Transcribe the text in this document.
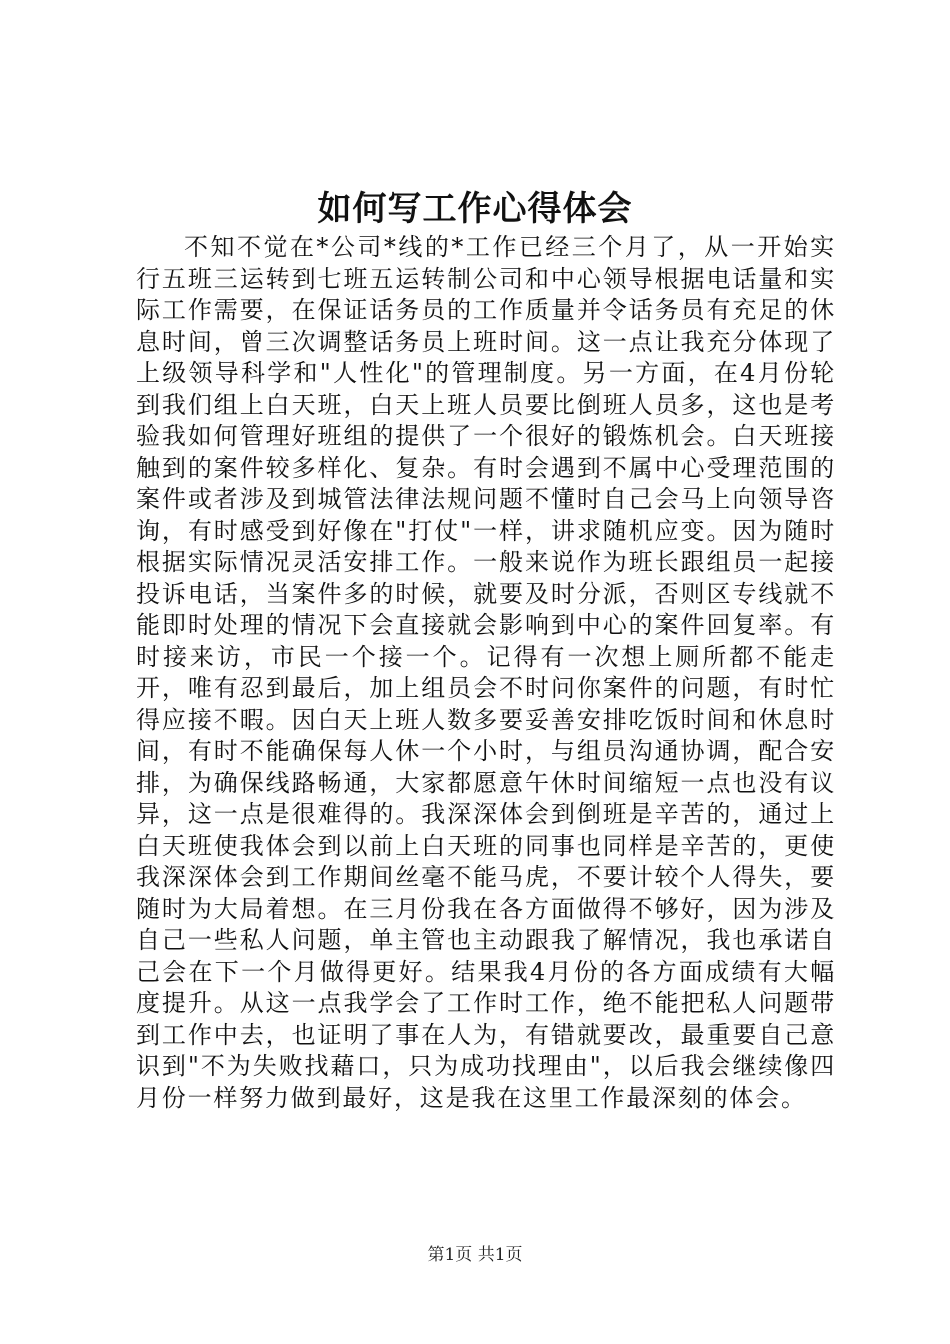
如何写工作心得体会

不知不觉在*公司*线的*工作已经三个月了，从一开始实行五班三运转到七班五运转制公司和中心领导根据电话量和实际工作需要，在保证话务员的工作质量并令话务员有充足的休息时间，曾三次调整话务员上班时间。这一点让我充分体现了上级领导科学和"人性化"的管理制度。另一方面，在4月份轮到我们组上白天班，白天上班人员要比倒班人员多，这也是考验我如何管理好班组的提供了一个很好的锻炼机会。白天班接触到的案件较多样化、复杂。有时会遇到不属中心受理范围的案件或者涉及到城管法律法规问题不懂时自己会马上向领导咨询，有时感受到好像在"打仗"一样，讲求随机应变。因为随时根据实际情况灵活安排工作。一般来说作为班长跟组员一起接投诉电话，当案件多的时候，就要及时分派，否则区专线就不能即时处理的情况下会直接就会影响到中心的案件回复率。有时接来访，市民一个接一个。记得有一次想上厕所都不能走开，唯有忍到最后，加上组员会不时问你案件的问题，有时忙得应接不暇。因白天上班人数多要妥善安排吃饭时间和休息时间，有时不能确保每人休一个小时，与组员沟通协调，配合安排，为确保线路畅通，大家都愿意午休时间缩短一点也没有议异，这一点是很难得的。我深深体会到倒班是辛苦的，通过上白天班使我体会到以前上白天班的同事也同样是辛苦的，更使我深深体会到工作期间丝毫不能马虎，不要计较个人得失，要随时为大局着想。在三月份我在各方面做得不够好，因为涉及自己一些私人问题，单主管也主动跟我了解情况，我也承诺自己会在下一个月做得更好。结果我4月份的各方面成绩有大幅度提升。从这一点我学会了工作时工作，绝不能把私人问题带到工作中去，也证明了事在人为，有错就要改，最重要自己意识到"不为失败找藉口，只为成功找理由"，以后我会继续像四月份一样努力做到最好，这是我在这里工作最深刻的体会。

第1页 共1页
